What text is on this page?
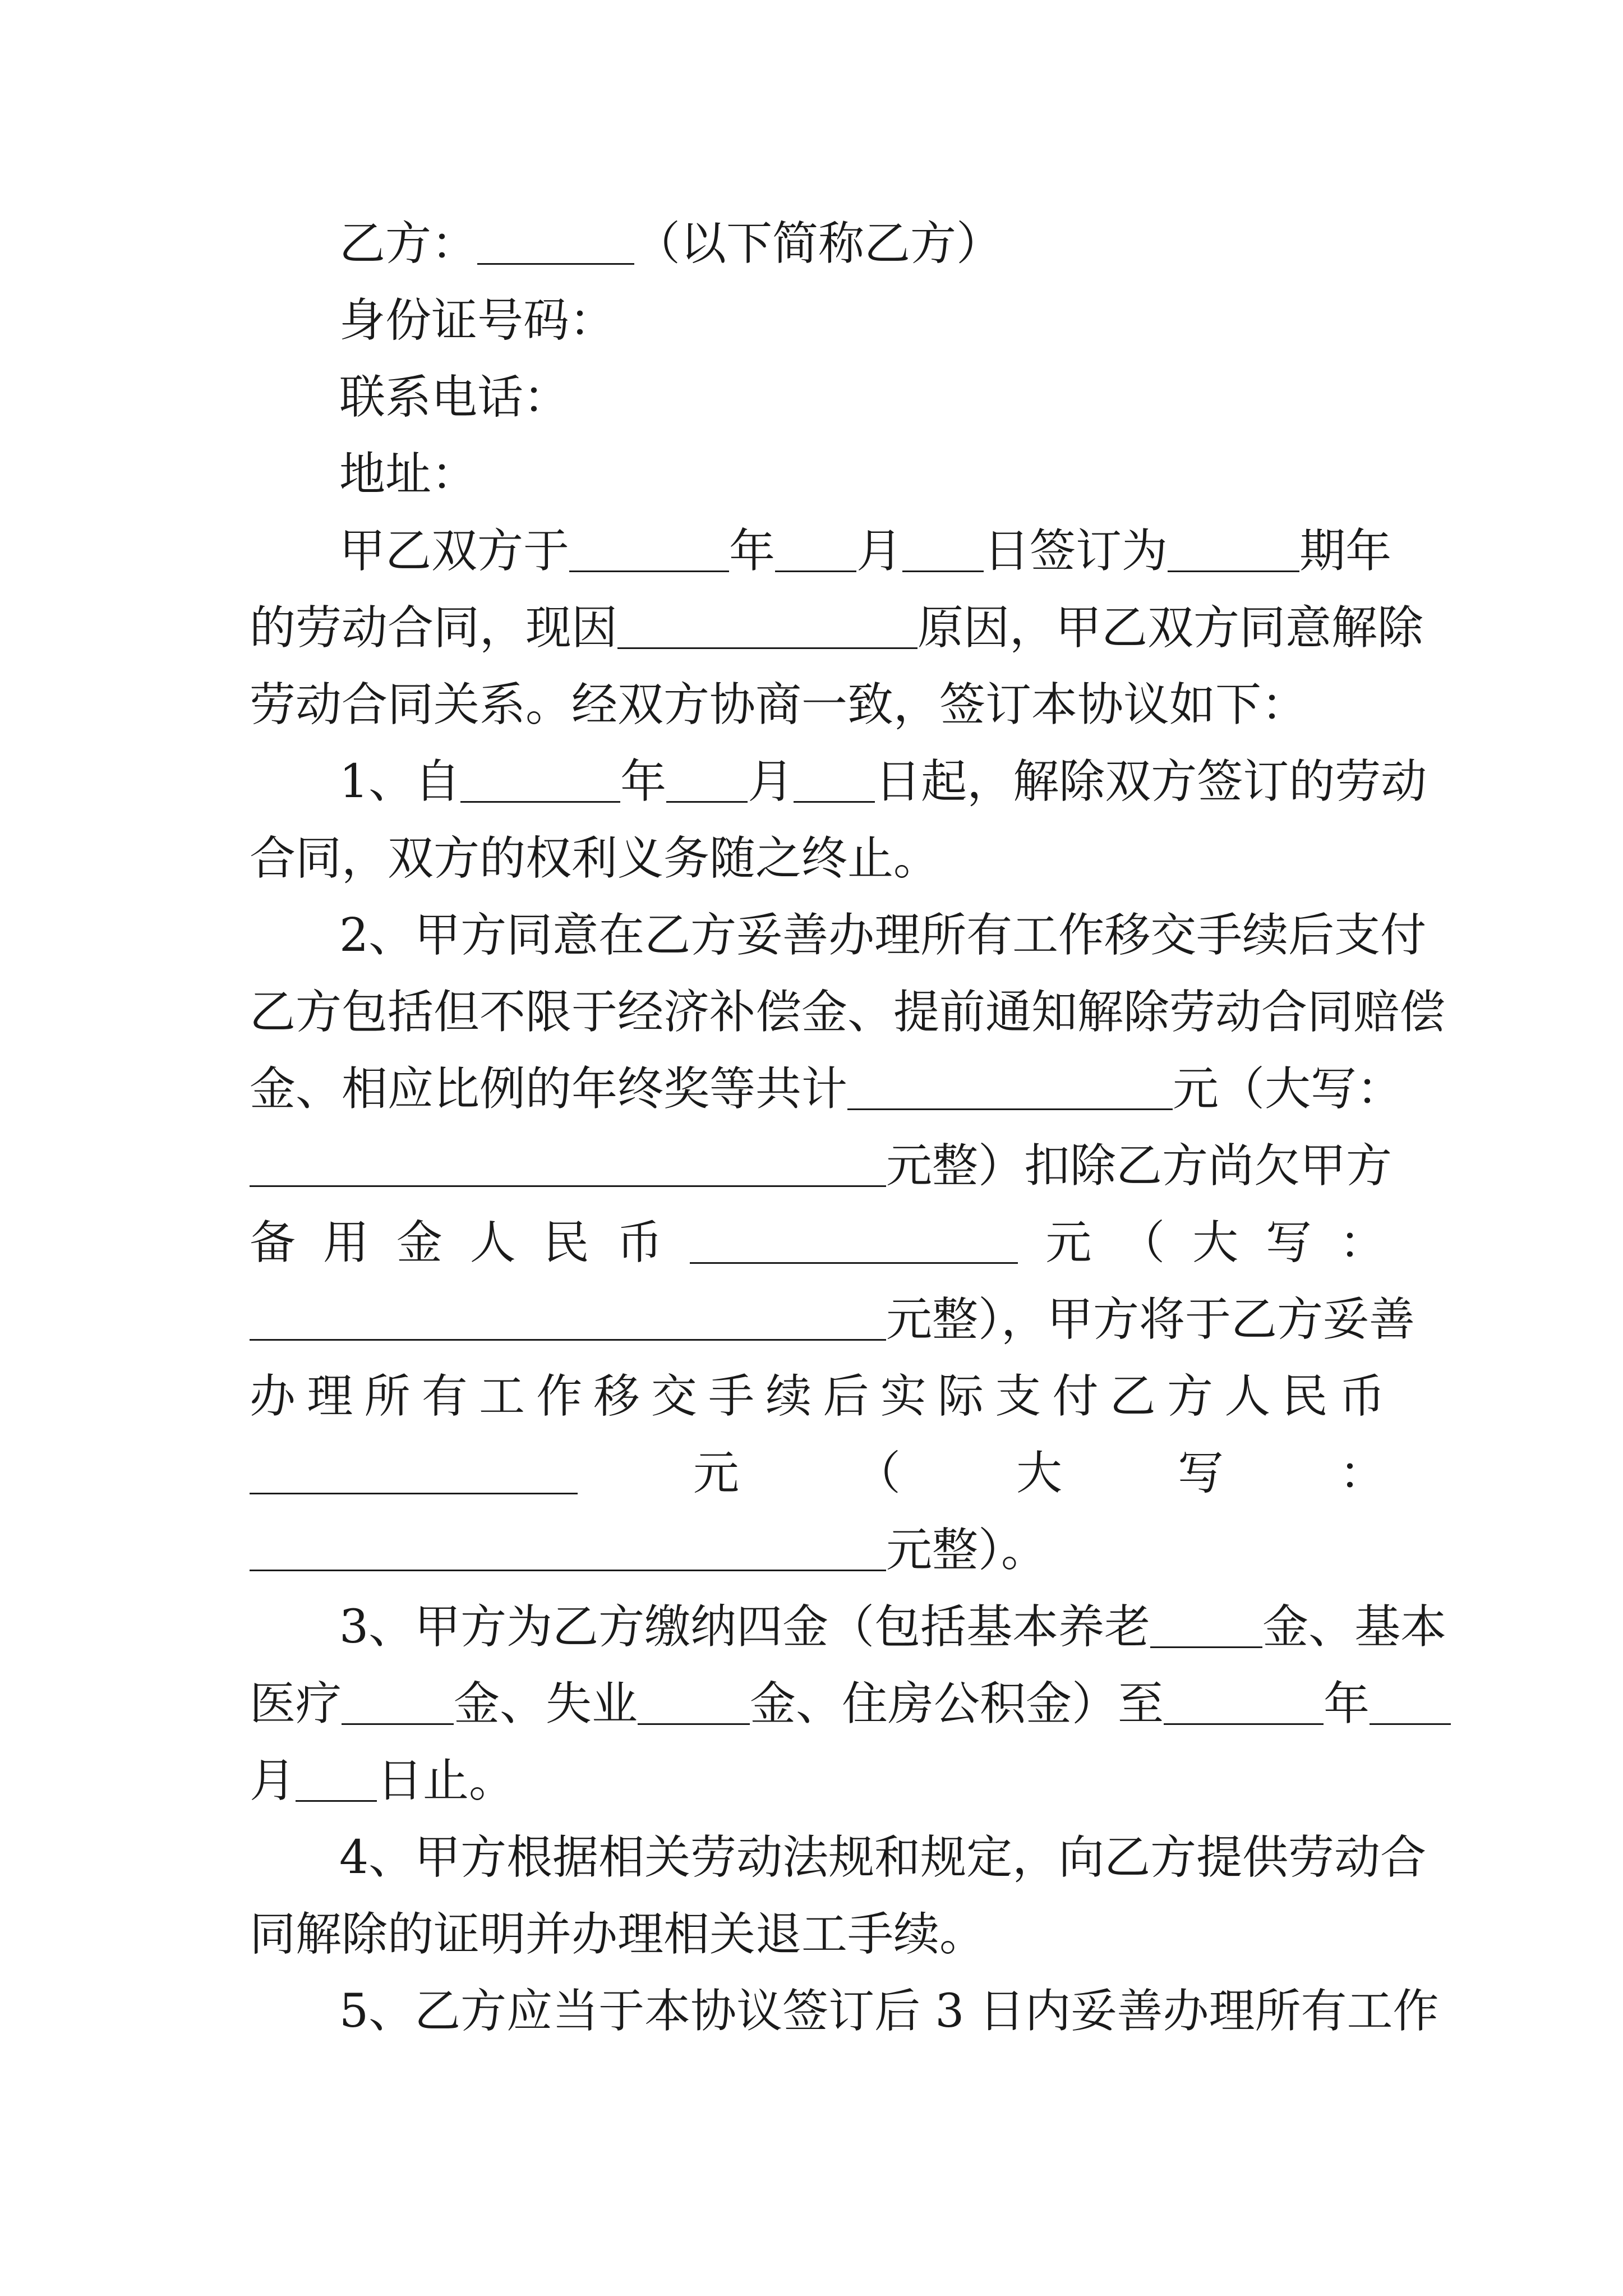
乙方：	（以下简称乙方）
身份证号码：
联系电话：
地址：
甲乙双方于	年 月 日签订为	期年
的劳动合同，现因	原因，甲乙双方同意解除
劳动合同关系。经双方协商一致，签订本协议如下：
1、自	年 月 日起，解除双方签订的劳动
合同，双方的权利义务随之终止。
2、甲方同意在乙方妥善办理所有工作移交手续后支付
乙方包括但不限于经济补偿金、提前通知解除劳动合同赔偿
金、相应比例的年终奖等共计	元（大写：
元整）扣除乙方尚欠甲方
备 用 金 人 民 币	元 （ 大 写 ：
元整），甲方将于乙方妥善
办 理 所 有 工 作 移 交 手 续 后 实 际 支 付 乙 方 人 民 币
元	（	大	写	：
元整）。
3、甲方为乙方缴纳四金（包括基本养老 金、基本
医疗 金、失业 金、住房公积金）至	年
月 日止。
4、甲方根据相关劳动法规和规定，向乙方提供劳动合
同解除的证明并办理相关退工手续。
5、乙方应当于本协议签订后 3 日内妥善办理所有工作
